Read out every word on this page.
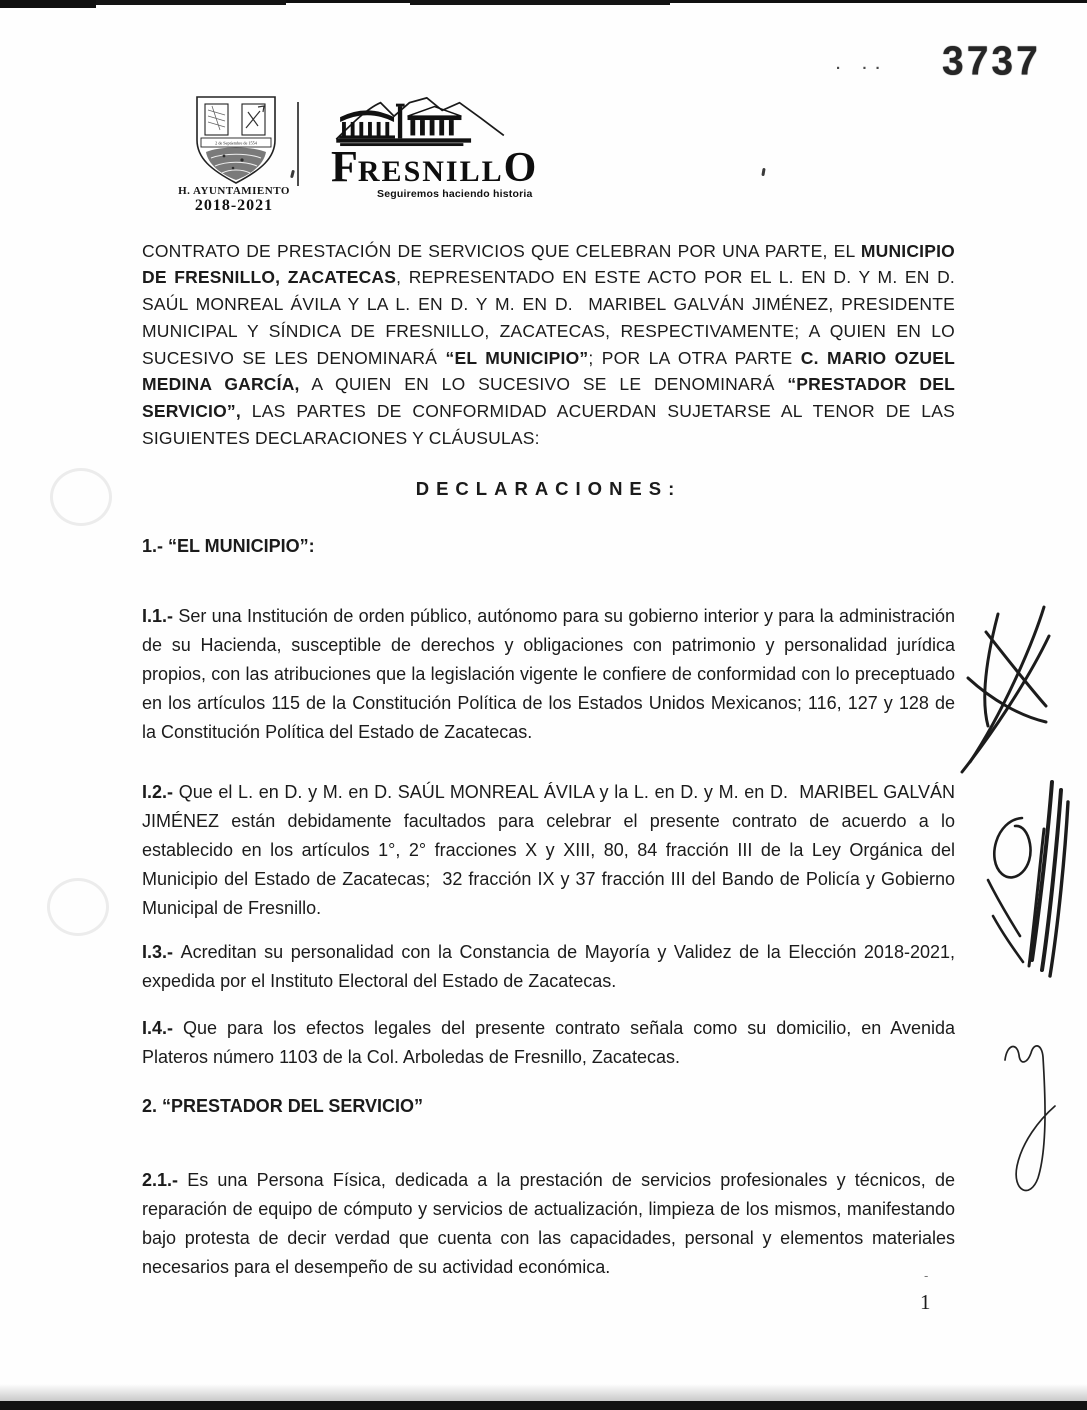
. .. 3737
2 de Septiembre de 1554
H. AYUNTAMIENTO
2018-2021
F RESNILL O
Seguiremos haciendo historia

CONTRATO DE PRESTACIÓN DE SERVICIOS QUE CELEBRAN POR UNA PARTE, EL MUNICIPIO DE FRESNILLO, ZACATECAS, REPRESENTADO EN ESTE ACTO POR EL L. EN D. Y M. EN D. SAÚL MONREAL ÁVILA Y LA L. EN D. Y M. EN D.  MARIBEL GALVÁN JIMÉNEZ, PRESIDENTE MUNICIPAL Y SÍNDICA DE FRESNILLO, ZACATECAS, RESPECTIVAMENTE; A QUIEN EN LO SUCESIVO SE LES DENOMINARÁ “EL MUNICIPIO”; POR LA OTRA PARTE C. MARIO OZUEL MEDINA GARCÍA, A QUIEN EN LO SUCESIVO SE LE DENOMINARÁ “PRESTADOR DEL SERVICIO”, LAS PARTES DE CONFORMIDAD ACUERDAN SUJETARSE AL TENOR DE LAS SIGUIENTES DECLARACIONES Y CLÁUSULAS:

DECLARACIONES:
1.- “EL MUNICIPIO”:

I.1.- Ser una Institución de orden público, autónomo para su gobierno interior y para la administración de su Hacienda, susceptible de derechos y obligaciones con patrimonio y personalidad jurídica propios, con las atribuciones que la legislación vigente le confiere de conformidad con lo preceptuado en los artículos 115 de la Constitución Política de los Estados Unidos Mexicanos; 116, 127 y 128 de la Constitución Política del Estado de Zacatecas.

I.2.- Que el L. en D. y M. en D. SAÚL MONREAL ÁVILA y la L. en D. y M. en D.  MARIBEL GALVÁN JIMÉNEZ están debidamente facultados para celebrar el presente contrato de acuerdo a lo establecido en los artículos 1°, 2° fracciones X y XIII, 80, 84 fracción III de la Ley Orgánica del Municipio del Estado de Zacatecas;  32 fracción IX y 37 fracción III del Bando de Policía y Gobierno Municipal de Fresnillo.

I.3.- Acreditan su personalidad con la Constancia de Mayoría y Validez de la Elección 2018-2021, expedida por el Instituto Electoral del Estado de Zacatecas.

I.4.- Que para los efectos legales del presente contrato señala como su domicilio, en Avenida Plateros número 1103 de la Col. Arboledas de Fresnillo, Zacatecas.

2. “PRESTADOR DEL SERVICIO”

2.1.- Es una Persona Física, dedicada a la prestación de servicios profesionales y técnicos, de reparación de equipo de cómputo y servicios de actualización, limpieza de los mismos, manifestando bajo protesta de decir verdad que cuenta con las capacidades, personal y elementos materiales necesarios para el desempeño de su actividad económica.	-
1
